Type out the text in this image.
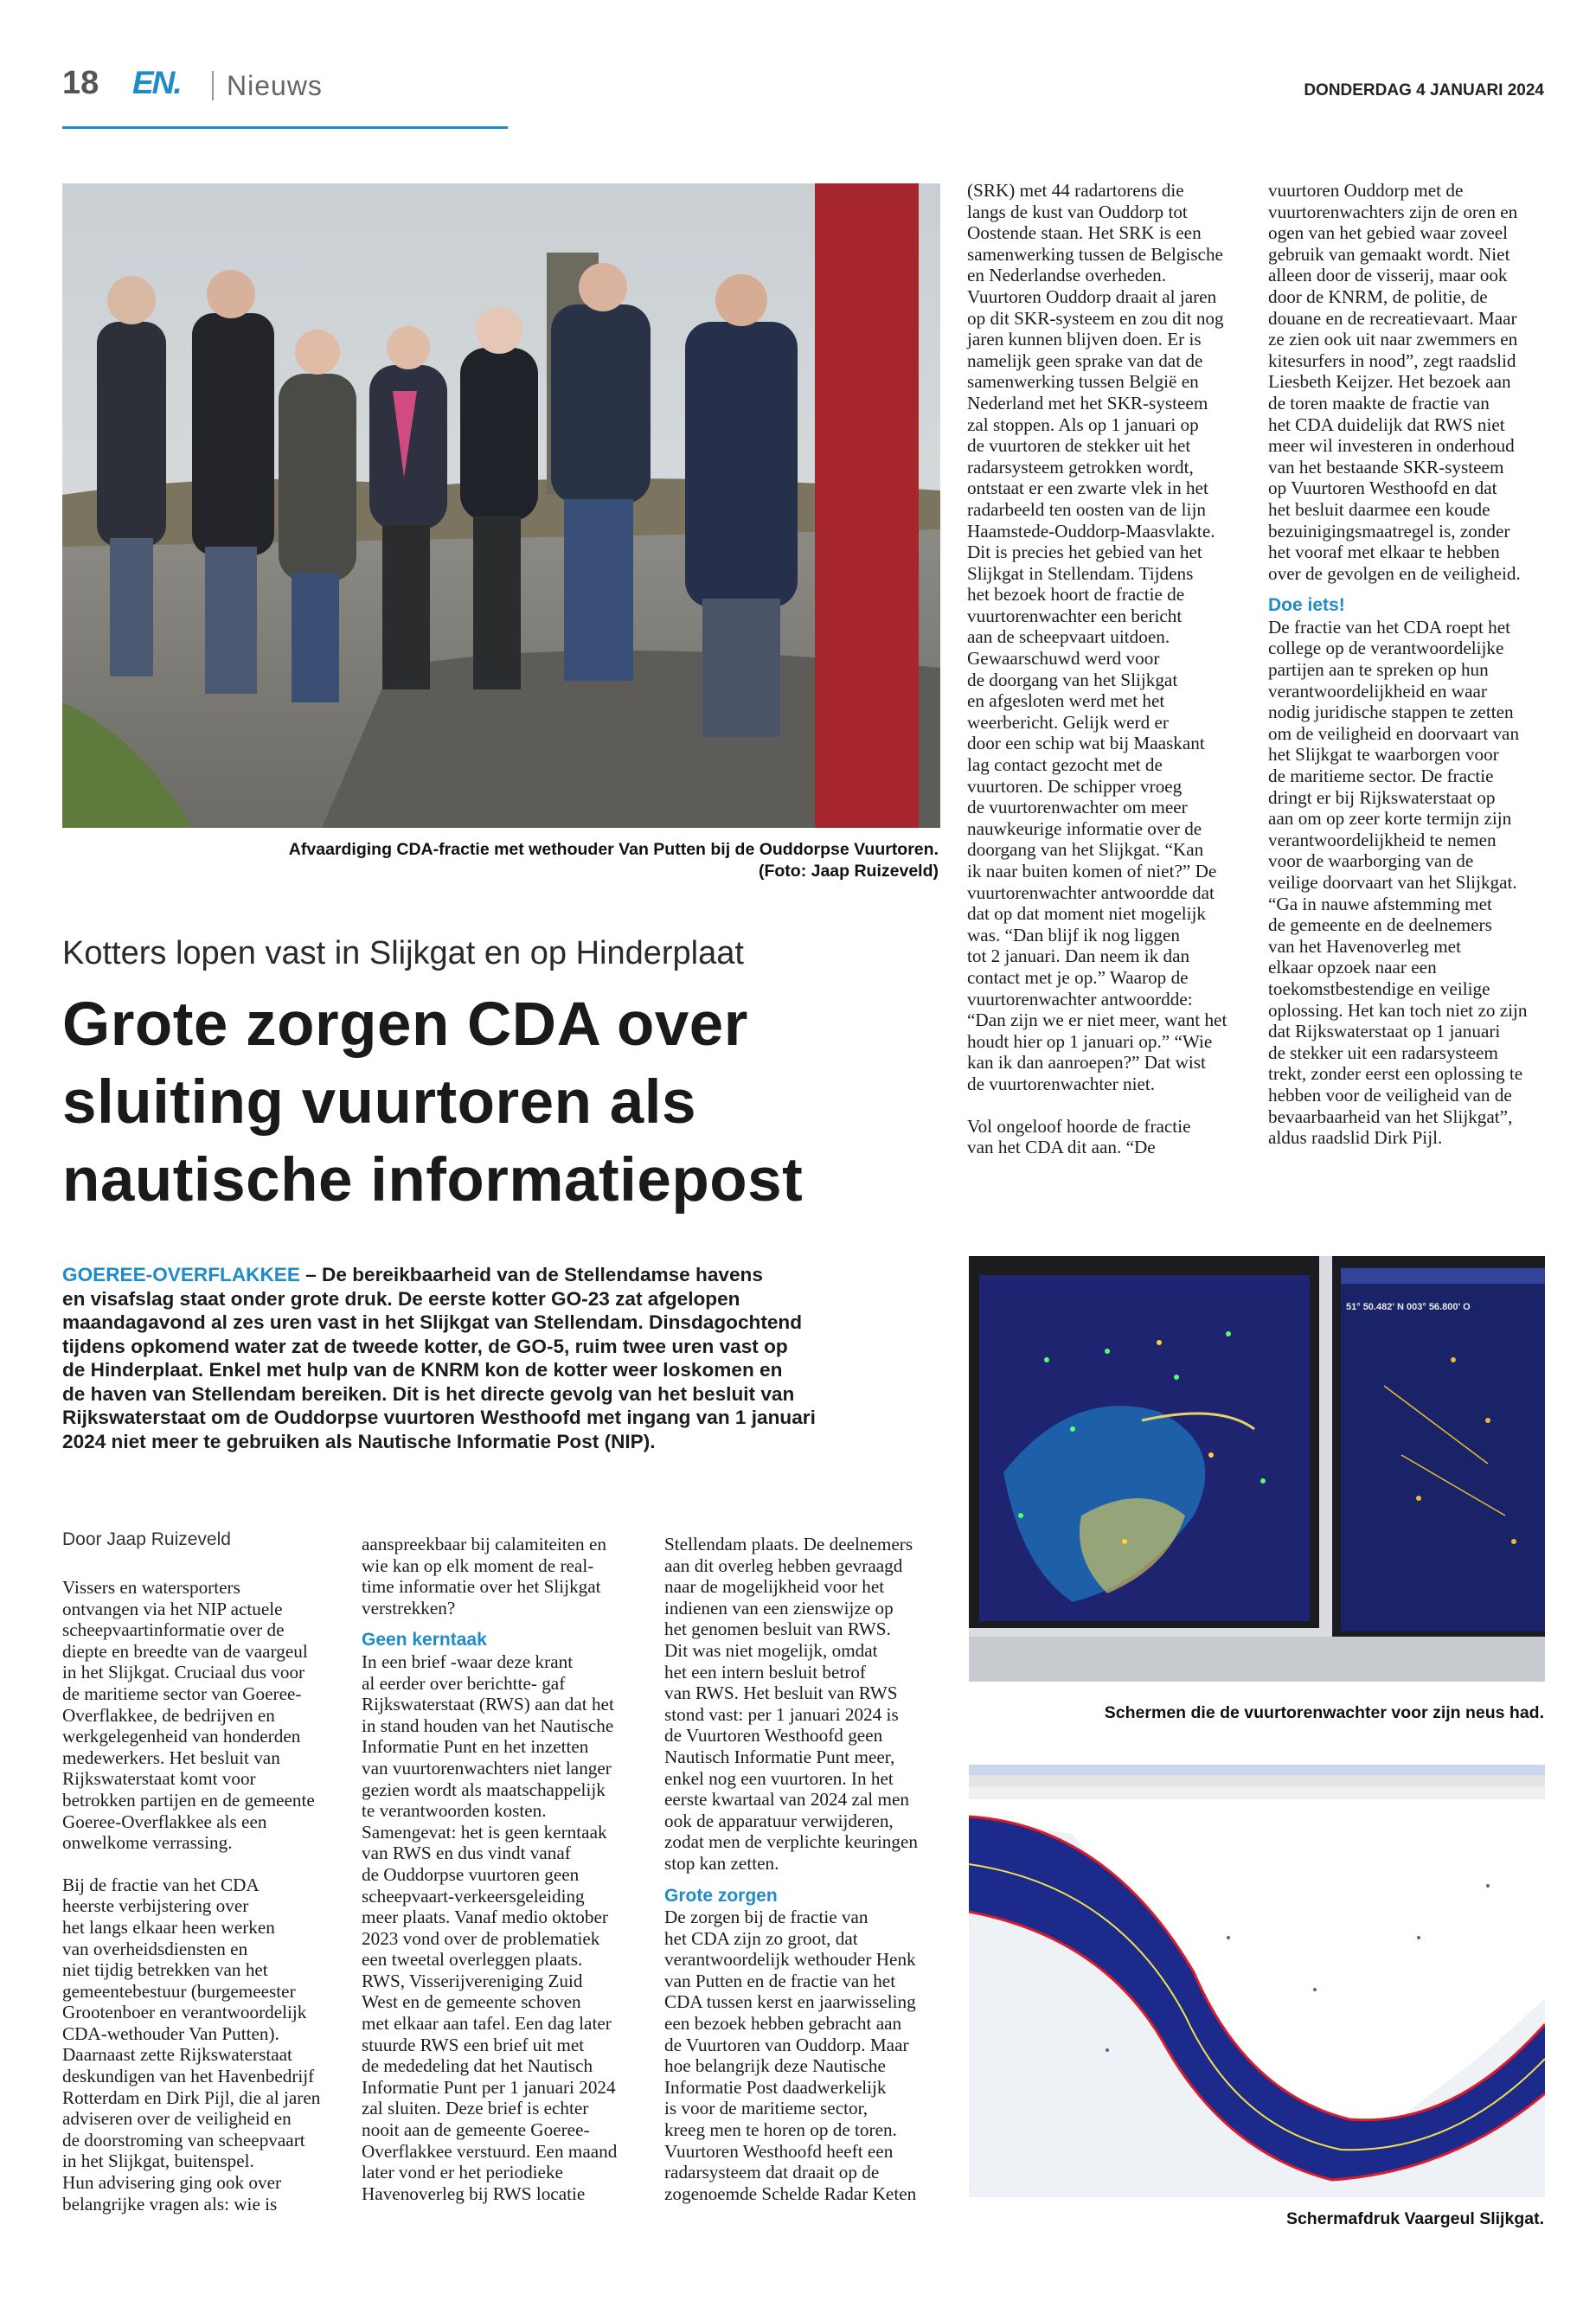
18 EN. Nieuws	DONDERDAG 4 JANUARI 2024
Afvaardiging CDA-fractie met wethouder Van Putten bij de Ouddorpse Vuurtoren.
(Foto: Jaap Ruizeveld)
Kotters lopen vast in Slijkgat en op Hinderplaat
Grote zorgen CDA over
sluiting vuurtoren als
nautische informatiepost
GOEREE-OVERFLAKKEE – De bereikbaarheid van de Stellendamse havens
en visafslag staat onder grote druk. De eerste kotter GO-23 zat afgelopen
maandagavond al zes uren vast in het Slijkgat van Stellendam. Dinsdagochtend
tijdens opkomend water zat de tweede kotter, de GO-5, ruim twee uren vast op
de Hinderplaat. Enkel met hulp van de KNRM kon de kotter weer loskomen en
de haven van Stellendam bereiken. Dit is het directe gevolg van het besluit van
Rijkswaterstaat om de Ouddorpse vuurtoren Westhoofd met ingang van 1 januari
2024 niet meer te gebruiken als Nautische Informatie Post (NIP).
Door Jaap Ruizeveld
Vissers en watersporters
ontvangen via het NIP actuele
scheepvaartinformatie over de
diepte en breedte van de vaargeul
in het Slijkgat. Cruciaal dus voor
de maritieme sector van Goeree-
Overflakkee, de bedrijven en
werkgelegenheid van honderden
medewerkers. Het besluit van
Rijkswaterstaat komt voor
betrokken partijen en de gemeente
Goeree-Overflakkee als een
onwelkome verrassing.
Bij de fractie van het CDA
heerste verbijstering over
het langs elkaar heen werken
van overheidsdiensten en
niet tijdig betrekken van het
gemeentebestuur (burgemeester
Grootenboer en verantwoordelijk
CDA-wethouder Van Putten).
Daarnaast zette Rijkswaterstaat
deskundigen van het Havenbedrijf
Rotterdam en Dirk Pijl, die al jaren
adviseren over de veiligheid en
de doorstroming van scheepvaart
in het Slijkgat, buitenspel.
Hun advisering ging ook over
belangrijke vragen als: wie is
aanspreekbaar bij calamiteiten en
wie kan op elk moment de real-
time informatie over het Slijkgat
verstrekken?
Geen kerntaak
In een brief -waar deze krant
al eerder over berichtte- gaf
Rijkswaterstaat (RWS) aan dat het
in stand houden van het Nautische
Informatie Punt en het inzetten
van vuurtorenwachters niet langer
gezien wordt als maatschappelijk
te verantwoorden kosten.
Samengevat: het is geen kerntaak
van RWS en dus vindt vanaf
de Ouddorpse vuurtoren geen
scheepvaart-verkeersgeleiding
meer plaats. Vanaf medio oktober
2023 vond over de problematiek
een tweetal overleggen plaats.
RWS, Visserijvereniging Zuid
West en de gemeente schoven
met elkaar aan tafel. Een dag later
stuurde RWS een brief uit met
de mededeling dat het Nautisch
Informatie Punt per 1 januari 2024
zal sluiten. Deze brief is echter
nooit aan de gemeente Goeree-
Overflakkee verstuurd. Een maand
later vond er het periodieke
Havenoverleg bij RWS locatie
Stellendam plaats. De deelnemers
aan dit overleg hebben gevraagd
naar de mogelijkheid voor het
indienen van een zienswijze op
het genomen besluit van RWS.
Dit was niet mogelijk, omdat
het een intern besluit betrof
van RWS. Het besluit van RWS
stond vast: per 1 januari 2024 is
de Vuurtoren Westhoofd geen
Nautisch Informatie Punt meer,
enkel nog een vuurtoren. In het
eerste kwartaal van 2024 zal men
ook de apparatuur verwijderen,
zodat men de verplichte keuringen
stop kan zetten.
Grote zorgen
De zorgen bij de fractie van
het CDA zijn zo groot, dat
verantwoordelijk wethouder Henk
van Putten en de fractie van het
CDA tussen kerst en jaarwisseling
een bezoek hebben gebracht aan
de Vuurtoren van Ouddorp. Maar
hoe belangrijk deze Nautische
Informatie Post daadwerkelijk
is voor de maritieme sector,
kreeg men te horen op de toren.
Vuurtoren Westhoofd heeft een
radarsysteem dat draait op de
zogenoemde Schelde Radar Keten
(SRK) met 44 radartorens die
langs de kust van Ouddorp tot
Oostende staan. Het SRK is een
samenwerking tussen de Belgische
en Nederlandse overheden.
Vuurtoren Ouddorp draait al jaren
op dit SKR-systeem en zou dit nog
jaren kunnen blijven doen. Er is
namelijk geen sprake van dat de
samenwerking tussen België en
Nederland met het SKR-systeem
zal stoppen. Als op 1 januari op
de vuurtoren de stekker uit het
radarsysteem getrokken wordt,
ontstaat er een zwarte vlek in het
radarbeeld ten oosten van de lijn
Haamstede-Ouddorp-Maasvlakte.
Dit is precies het gebied van het
Slijkgat in Stellendam. Tijdens
het bezoek hoort de fractie de
vuurtorenwachter een bericht
aan de scheepvaart uitdoen.
Gewaarschuwd werd voor
de doorgang van het Slijkgat
en afgesloten werd met het
weerbericht. Gelijk werd er
door een schip wat bij Maaskant
lag contact gezocht met de
vuurtoren. De schipper vroeg
de vuurtorenwachter om meer
nauwkeurige informatie over de
doorgang van het Slijkgat. “Kan
ik naar buiten komen of niet?” De
vuurtorenwachter antwoordde dat
dat op dat moment niet mogelijk
was. “Dan blijf ik nog liggen
tot 2 januari. Dan neem ik dan
contact met je op.” Waarop de
vuurtorenwachter antwoordde:
“Dan zijn we er niet meer, want het
houdt hier op 1 januari op.” “Wie
kan ik dan aanroepen?” Dat wist
de vuurtorenwachter niet.
Vol ongeloof hoorde de fractie
van het CDA dit aan. “De
vuurtoren Ouddorp met de
vuurtorenwachters zijn de oren en
ogen van het gebied waar zoveel
gebruik van gemaakt wordt. Niet
alleen door de visserij, maar ook
door de KNRM, de politie, de
douane en de recreatievaart. Maar
ze zien ook uit naar zwemmers en
kitesurfers in nood”, zegt raadslid
Liesbeth Keijzer. Het bezoek aan
de toren maakte de fractie van
het CDA duidelijk dat RWS niet
meer wil investeren in onderhoud
van het bestaande SKR-systeem
op Vuurtoren Westhoofd en dat
het besluit daarmee een koude
bezuinigingsmaatregel is, zonder
het vooraf met elkaar te hebben
over de gevolgen en de veiligheid.
Doe iets!
De fractie van het CDA roept het
college op de verantwoordelijke
partijen aan te spreken op hun
verantwoordelijkheid en waar
nodig juridische stappen te zetten
om de veiligheid en doorvaart van
het Slijkgat te waarborgen voor
de maritieme sector. De fractie
dringt er bij Rijkswaterstaat op
aan om op zeer korte termijn zijn
verantwoordelijkheid te nemen
voor de waarborging van de
veilige doorvaart van het Slijkgat.
“Ga in nauwe afstemming met
de gemeente en de deelnemers
van het Havenoverleg met
elkaar opzoek naar een
toekomstbestendige en veilige
oplossing. Het kan toch niet zo zijn
dat Rijkswaterstaat op 1 januari
de stekker uit een radarsysteem
trekt, zonder eerst een oplossing te
hebben voor de veiligheid van de
bevaarbaarheid van het Slijkgat”,
aldus raadslid Dirk Pijl.
51° 50.482' N 003° 56.800' O
Schermen die de vuurtorenwachter voor zijn neus had.
Schermafdruk Vaargeul Slijkgat.
